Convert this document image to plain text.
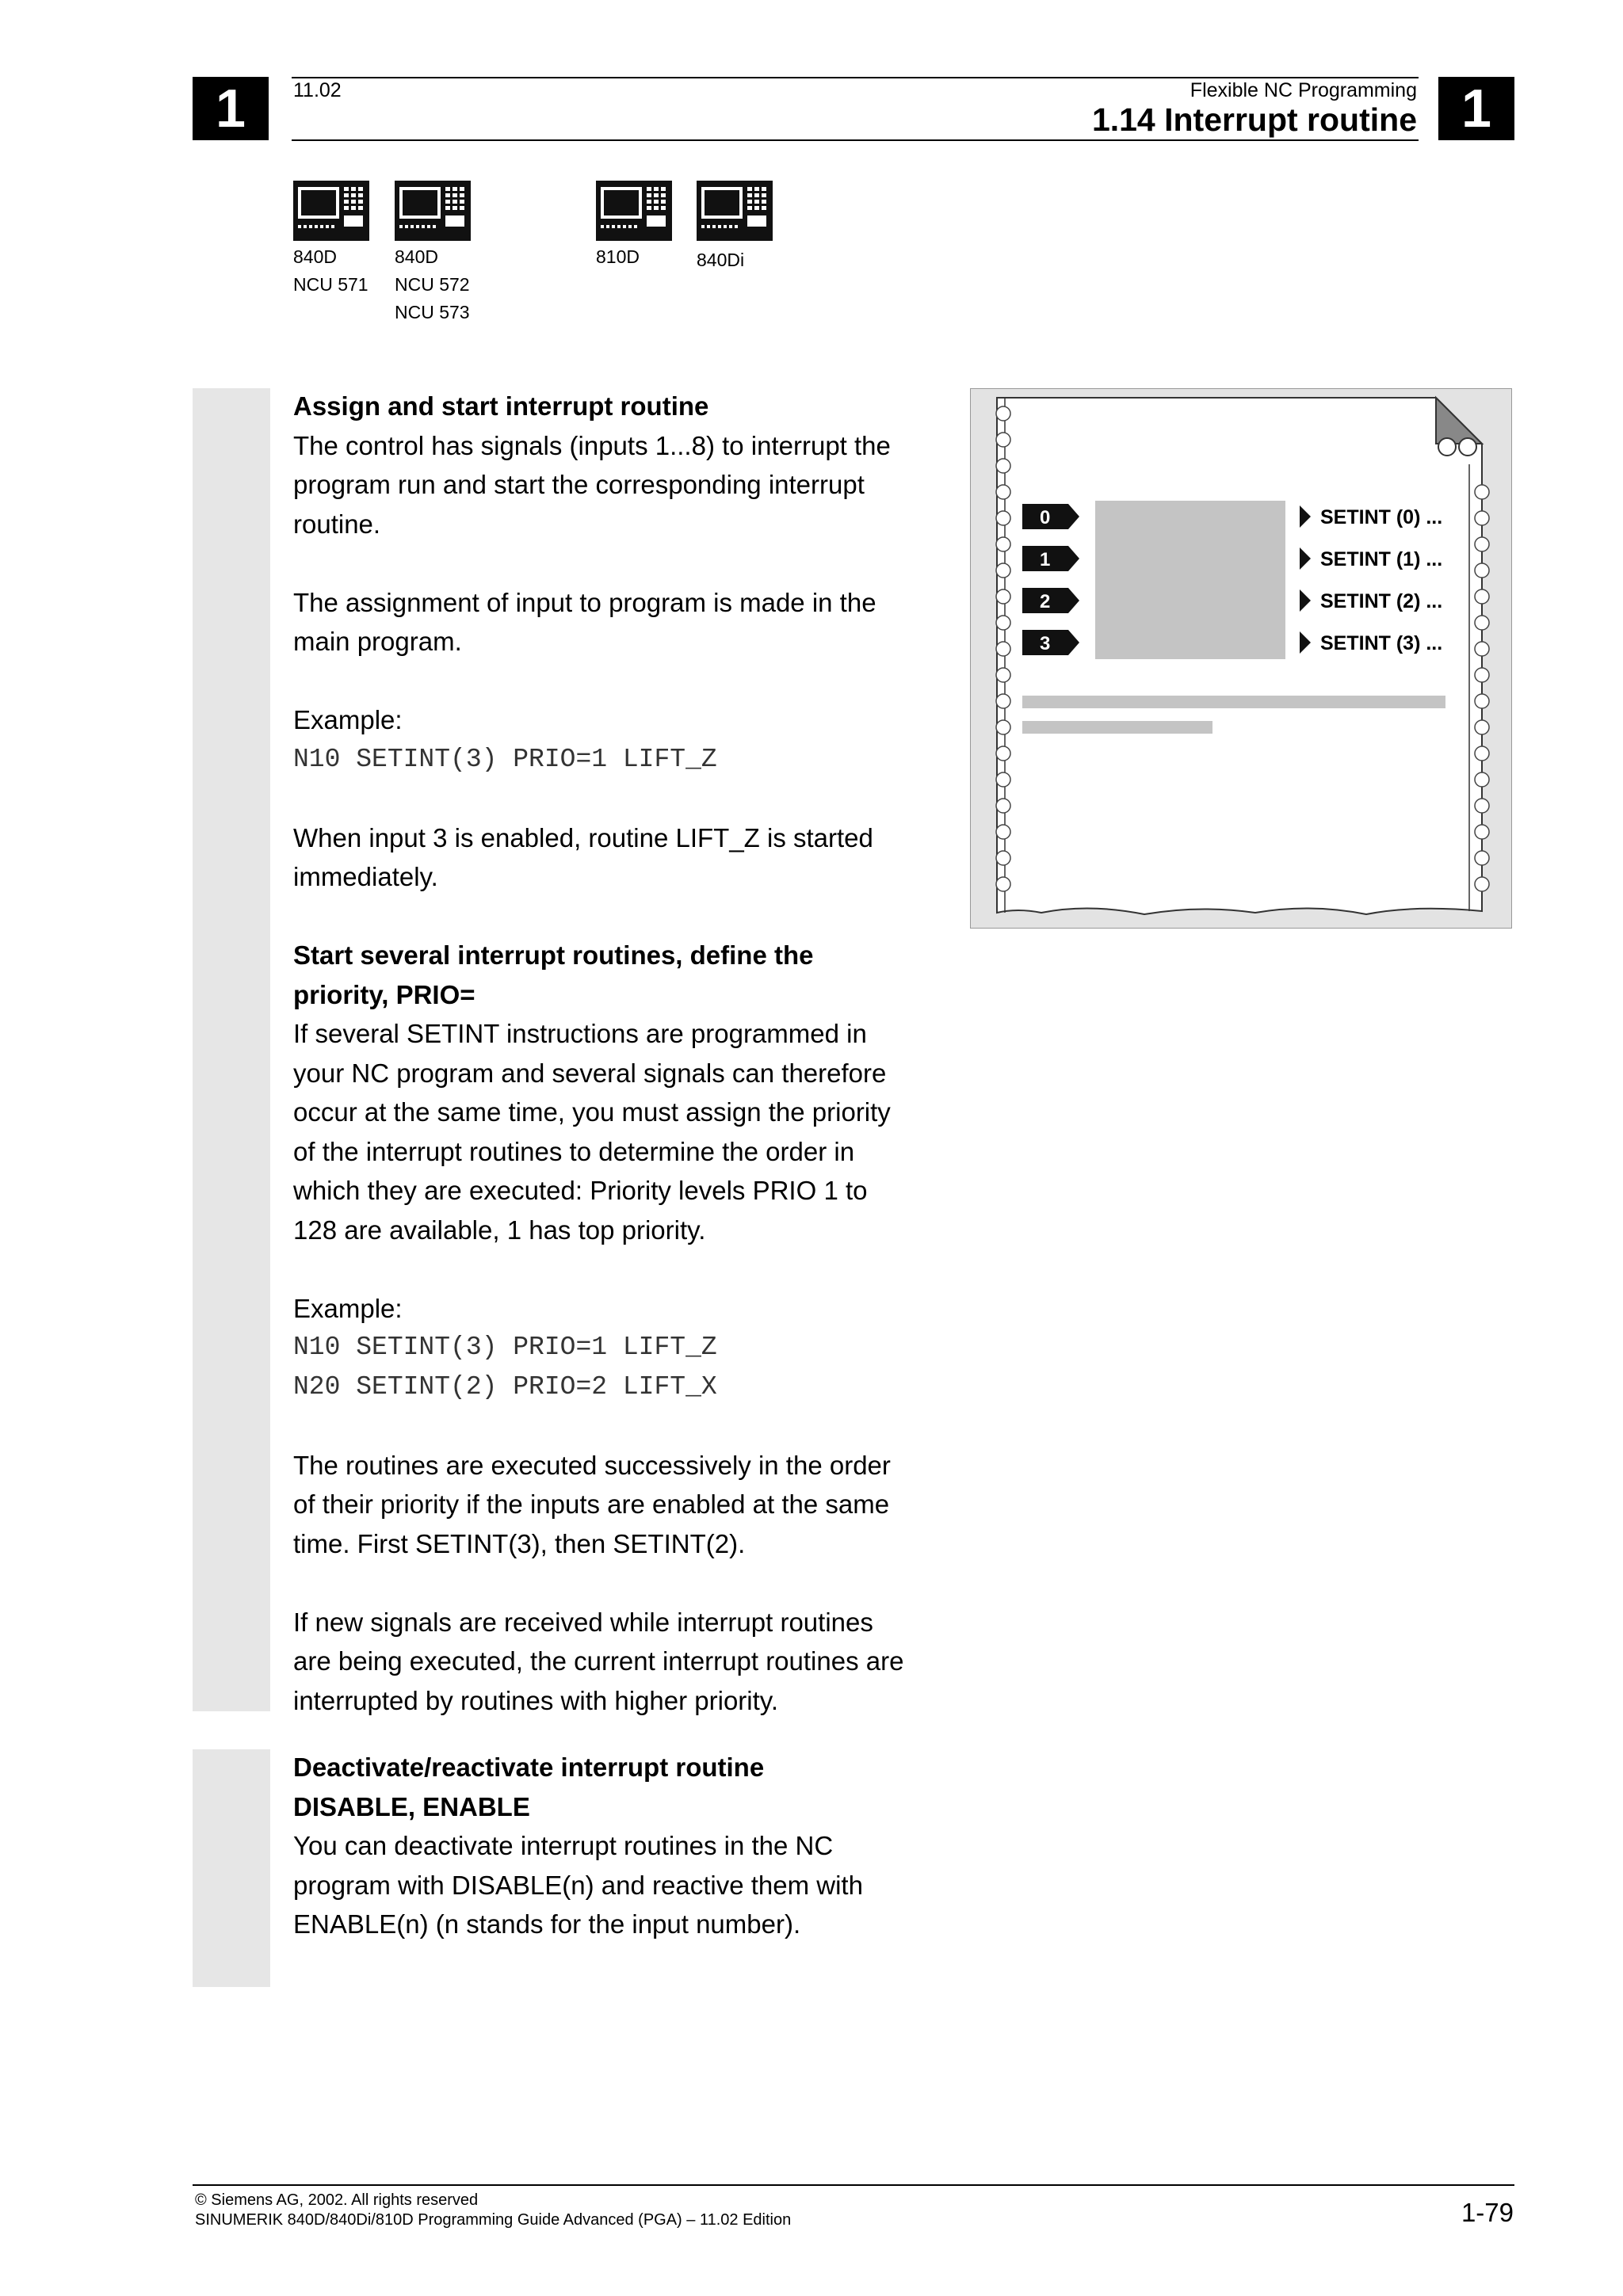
1	1
11.02	Flexible NC Programming
1.14 Interrupt routine
840D
NCU 571
840D
NCU 572
NCU 573
810D	840Di

Assign and start interrupt routine

The control has signals (inputs 1...8) to interrupt the

program run and start the corresponding interrupt

routine.

The assignment of input to program is made in the

main program.

Example:

N10 SETINT(3) PRIO=1 LIFT_Z

When input 3 is enabled, routine LIFT_Z is started

immediately.

Start several interrupt routines, define the

priority, PRIO=

If several SETINT instructions are programmed in

your NC program and several signals can therefore

occur at the same time, you must assign the priority

of the interrupt routines to determine the order in

which they are executed: Priority levels PRIO 1 to

128 are available, 1 has top priority.

Example:

N10 SETINT(3) PRIO=1 LIFT_Z

N20 SETINT(2) PRIO=2 LIFT_X

The routines are executed successively in the order

of their priority if the inputs are enabled at the same

time. First SETINT(3), then SETINT(2).

If new signals are received while interrupt routines

are being executed, the current interrupt routines are

interrupted by routines with higher priority.

Deactivate/reactivate interrupt routine

DISABLE, ENABLE

You can deactivate interrupt routines in the NC

program with DISABLE(n) and reactive them with

ENABLE(n) (n stands for the input number).

0
1
2
3
SETINT (0) ...
SETINT (1) ...
SETINT (2) ...
SETINT (3) ...
© Siemens AG, 2002. All rights reserved
SINUMERIK 840D/840Di/810D Programming Guide Advanced (PGA) – 11.02 Edition	1-79
